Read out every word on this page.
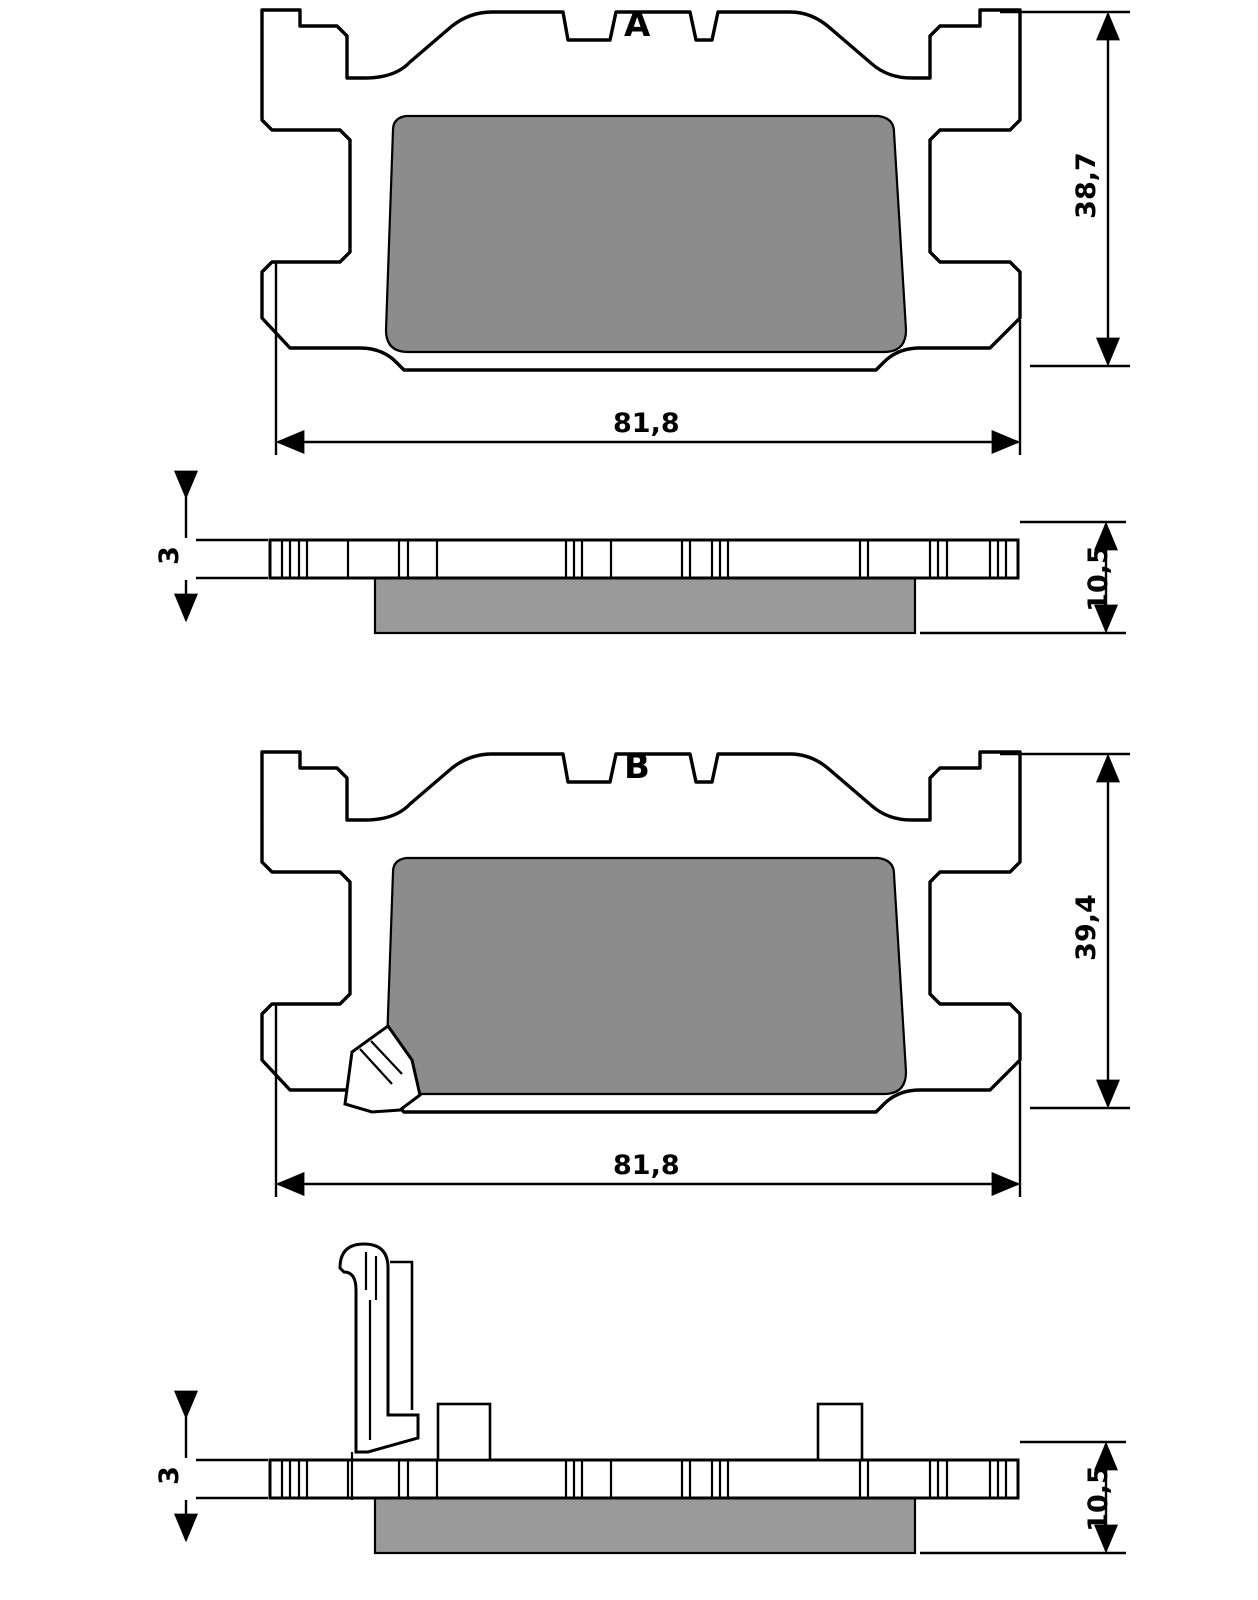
A
38,7
81,8
3	10,5
B
39,4
81,8
3	10,5
